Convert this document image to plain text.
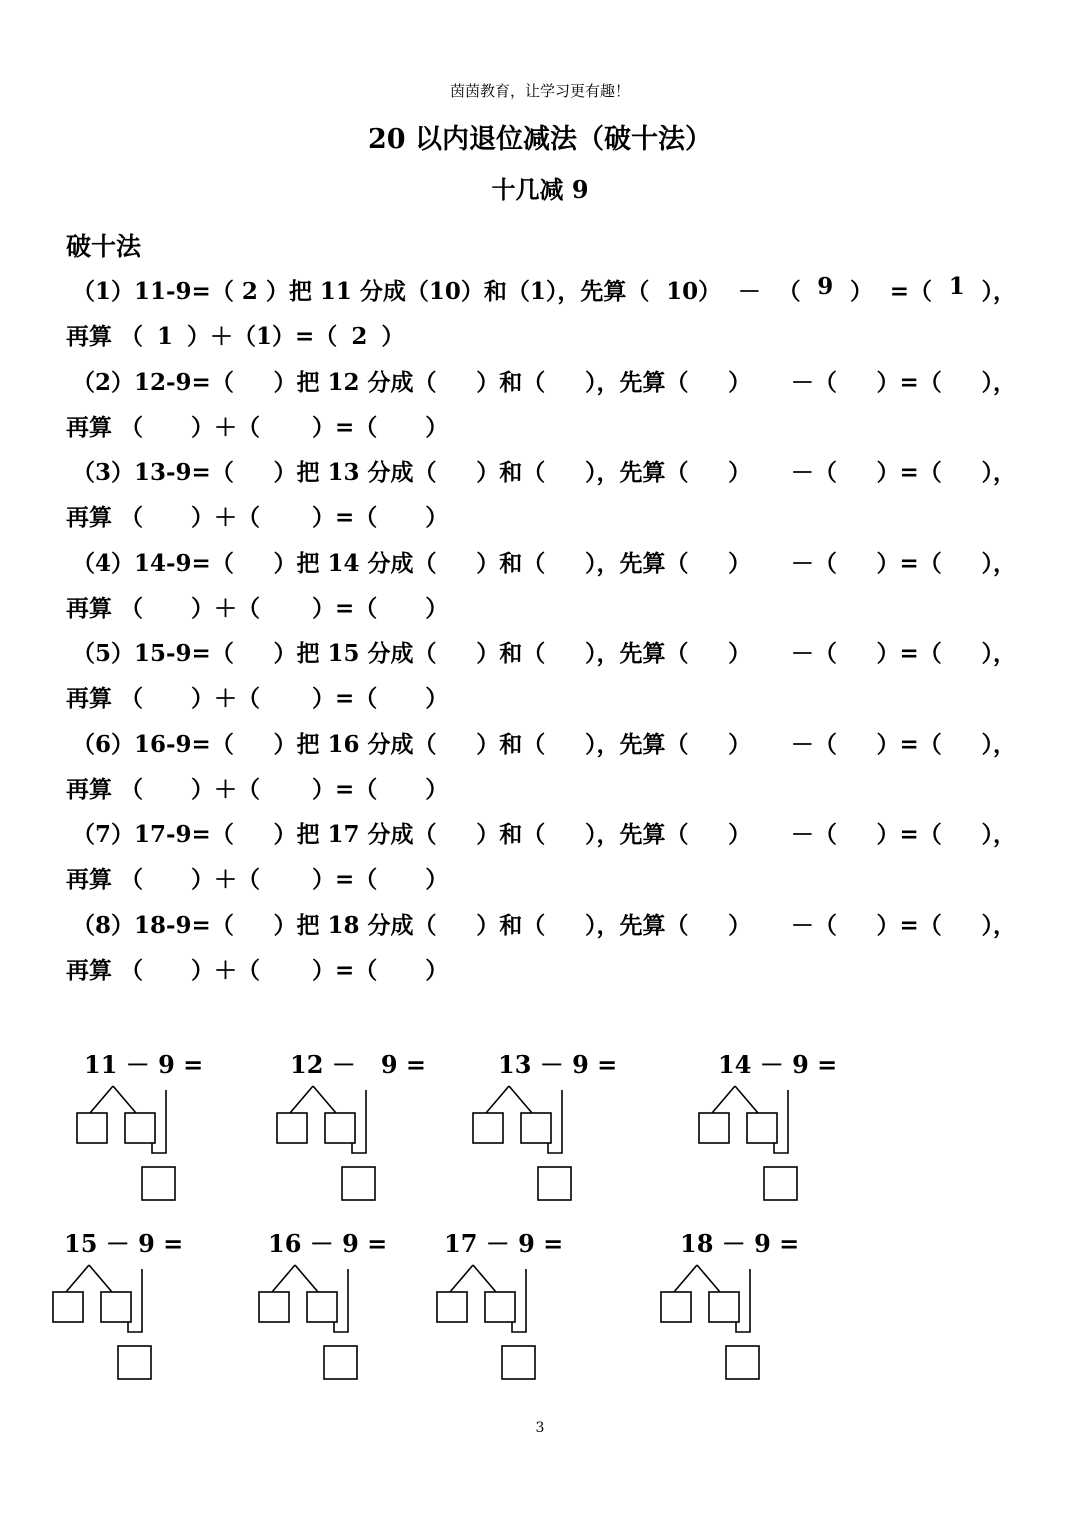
茵茵教育，让学习更有趣！
20 以内退位减法（破十法）
十几减 9
破十法
（1）11-9=（ 2 ）把 11 分成（10）和（1），先算（ 10） － （ 9 ） =（ 1 ），
再算 （ 1 ）＋（1）=（ 2 ）
（2）12-9=（ ）把 12 分成（ ）和（ ），先算（ ） －（ ）=（ ），
再算 （ ）＋（ ）=（ ）
（3）13-9=（ ）把 13 分成（ ）和（ ），先算（ ） －（ ）=（ ），
再算 （ ）＋（ ）=（ ）
（4）14-9=（ ）把 14 分成（ ）和（ ），先算（ ） －（ ）=（ ），
再算 （ ）＋（ ）=（ ）
（5）15-9=（ ）把 15 分成（ ）和（ ），先算（ ） －（ ）=（ ），
再算 （ ）＋（ ）=（ ）
（6）16-9=（ ）把 16 分成（ ）和（ ），先算（ ） －（ ）=（ ），
再算 （ ）＋（ ）=（ ）
（7）17-9=（ ）把 17 分成（ ）和（ ），先算（ ） －（ ）=（ ），
再算 （ ）＋（ ）=（ ）
（8）18-9=（ ）把 18 分成（ ）和（ ），先算（ ） －（ ）=（ ），
再算 （ ）＋（ ）=（ ）
11 － 9 =	12 －   9 =	13 － 9 =	14 － 9 =
15 － 9 =	16 － 9 = 17 － 9 =	18 － 9 =
3
